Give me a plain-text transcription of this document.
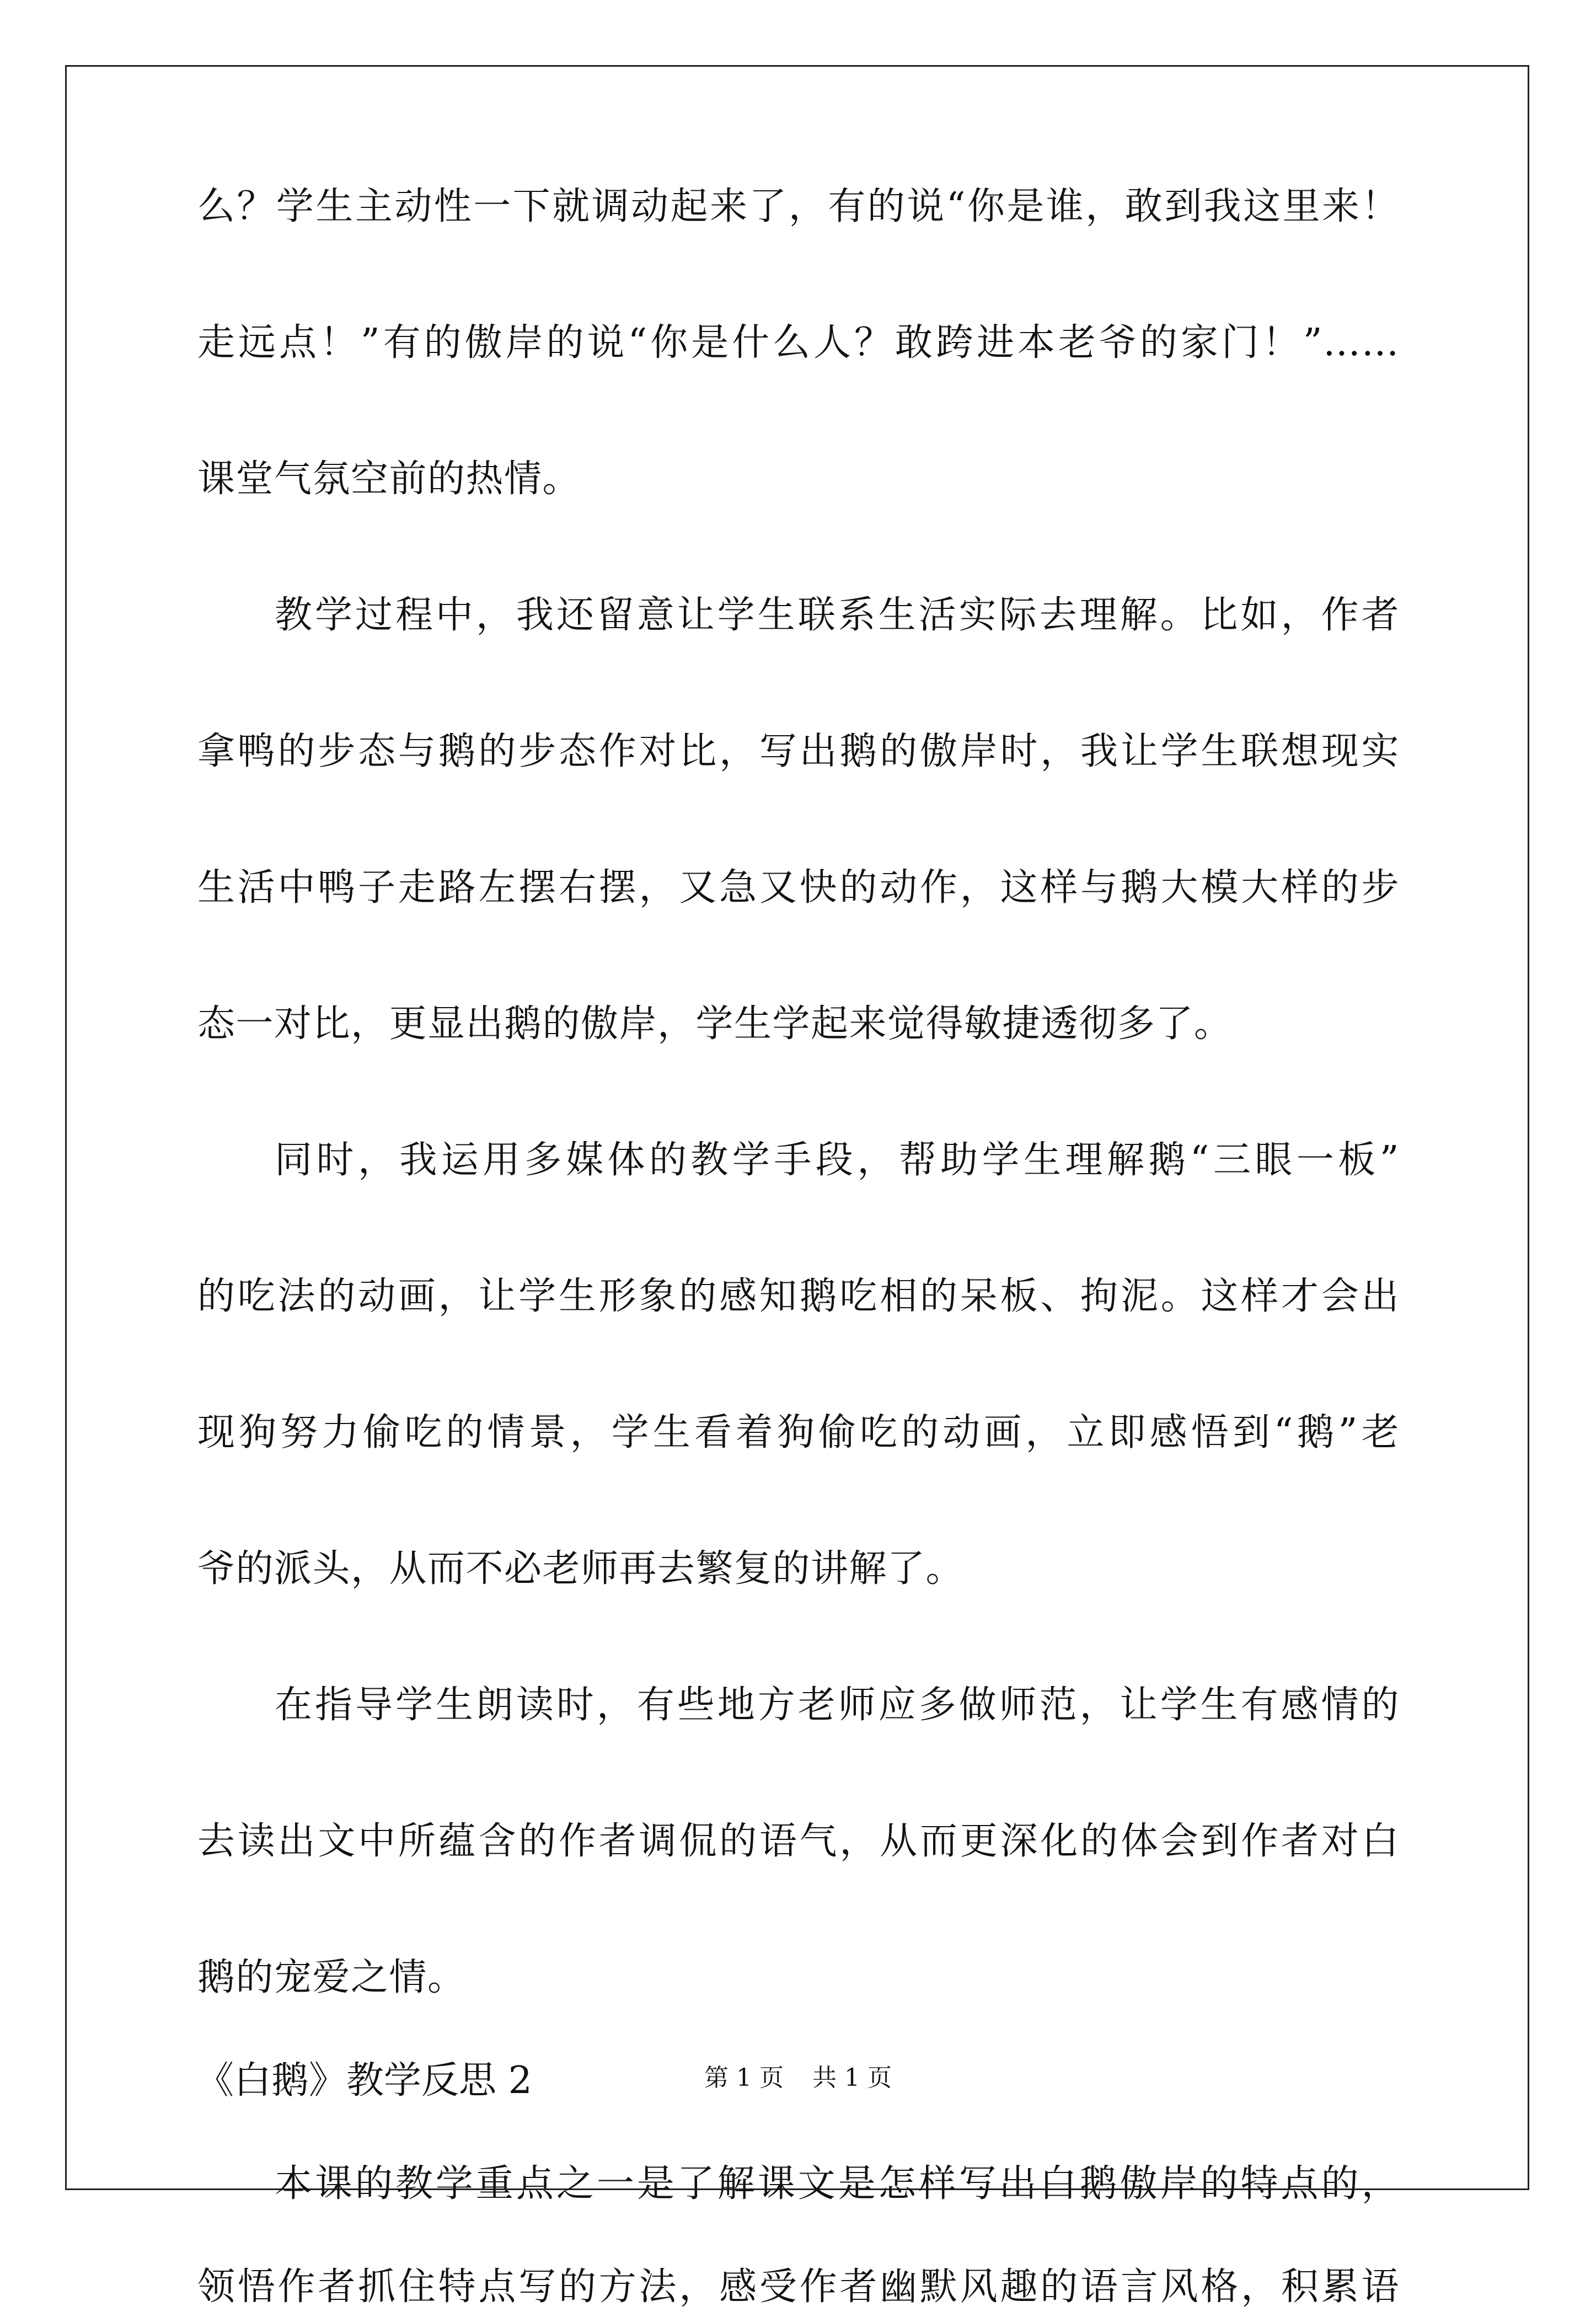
么？学生主动性一下就调动起来了，有的说“你是谁，敢到我这里来！
走远点！”有的傲岸的说“你是什么人？敢跨进本老爷的家门！”……
课堂气氛空前的热情。
教学过程中，我还留意让学生联系生活实际去理解。比如，作者
拿鸭的步态与鹅的步态作对比，写出鹅的傲岸时，我让学生联想现实
生活中鸭子走路左摆右摆，又急又快的动作，这样与鹅大模大样的步
态一对比，更显出鹅的傲岸，学生学起来觉得敏捷透彻多了。
同时，我运用多媒体的教学手段，帮助学生理解鹅“三眼一板”
的吃法的动画，让学生形象的感知鹅吃相的呆板、拘泥。这样才会出
现狗努力偷吃的情景，学生看着狗偷吃的动画，立即感悟到“鹅”老
爷的派头，从而不必老师再去繁复的讲解了。
在指导学生朗读时，有些地方老师应多做师范，让学生有感情的
去读出文中所蕴含的作者调侃的语气，从而更深化的体会到作者对白
鹅的宠爱之情。
《白鹅》教学反思 2
本课的教学重点之一是了解课文是怎样写出白鹅傲岸的特点的，
领悟作者抓住特点写的方法，感受作者幽默风趣的语言风格，积累语
第 1 页 共 1 页
